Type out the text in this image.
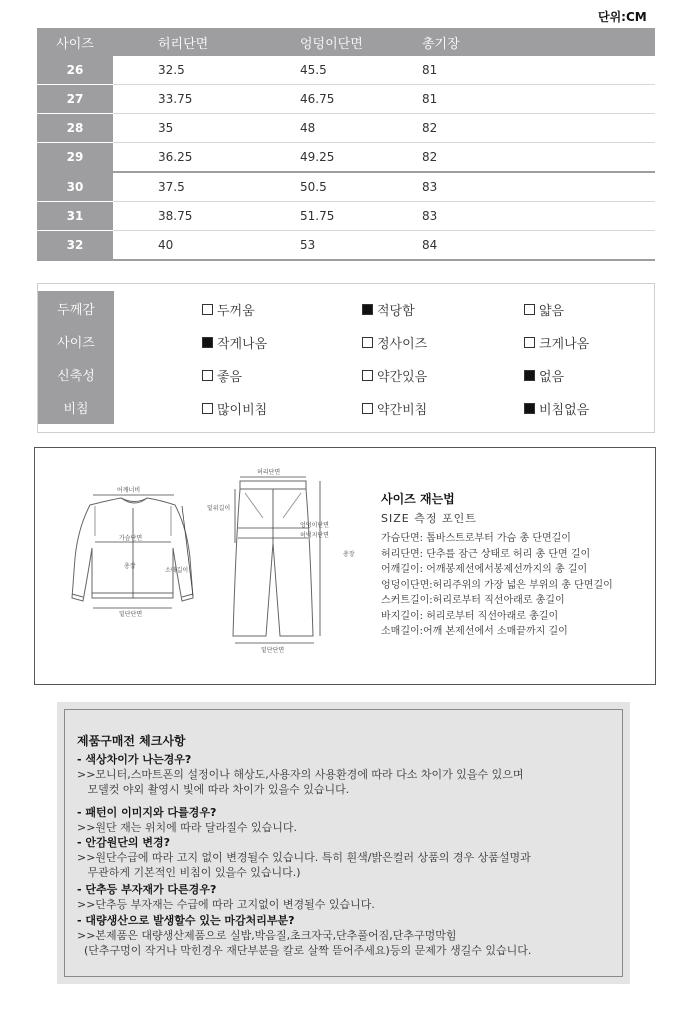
단위:CM
사이즈	허리단면	엉덩이단면	총기장
26	32.5	45.5	81
27	33.75	46.75	81
28	35	48	82
29	36.25	49.25	82
30	37.5	50.5	83
31	38.75	51.75	83
32	40	53	84
두께감	두꺼움	적당함	얇음
사이즈	작게나옴	정사이즈	크게나옴
신축성	좋음	약간있음	없음
비침	많이비침	약간비침	비침없음
어깨너비
가슴단면
총장
소매길이
밑단단면
허리단면
밑위길이
엉덩이단면
허벅지단면
총장
밑단단면
사이즈 재는법
SIZE 측정 포인트
가슴단면: 톱바스트로부터 가슴 총 단면길이
허리단면: 단추를 잠근 상태로 허리 총 단면 길이
어깨길이: 어깨봉제선에서봉제선까지의 총 길이
엉덩이단면:허리주위의 가장 넓은 부위의 총 단면길이
스커트길이:허리로부터 직선아래로 총길이
바지길이: 허리로부터 직선아래로 총길이
소매길이:어깨 본제선에서 소매끝까지 길이
제품구매전 체크사항
- 색상차이가 나는경우?
>>모니터,스마트폰의 설정이나 해상도,사용자의 사용환경에 따라 다소 차이가 있을수 있으며
모델컷 야외 촬영시 빛에 따라 차이가 있을수 있습니다.
- 패턴이 이미지와 다를경우?
>>원단 재는 위치에 따라 달라질수 있습니다.
- 안감원단의 변경?
>>원단수급에 따라 고지 없이 변경될수 있습니다. 특히 흰색/밝은컬러 상품의 경우 상품설명과
무관하게 기본적인 비침이 있을수 있습니다.)
- 단추등 부자재가 다른경우?
>>단추등 부자재는 수급에 따라 고지없이 변경될수 있습니다.
- 대량생산으로 발생할수 있는 마감처리부분?
>>본제품은 대량생산제품으로 실밥,박음질,초크자국,단추풀어짐,단추구멍막힘
(단추구멍이 작거나 막힌경우 재단부분을 칼로 살짝 뜯어주세요)등의 문제가 생길수 있습니다.
